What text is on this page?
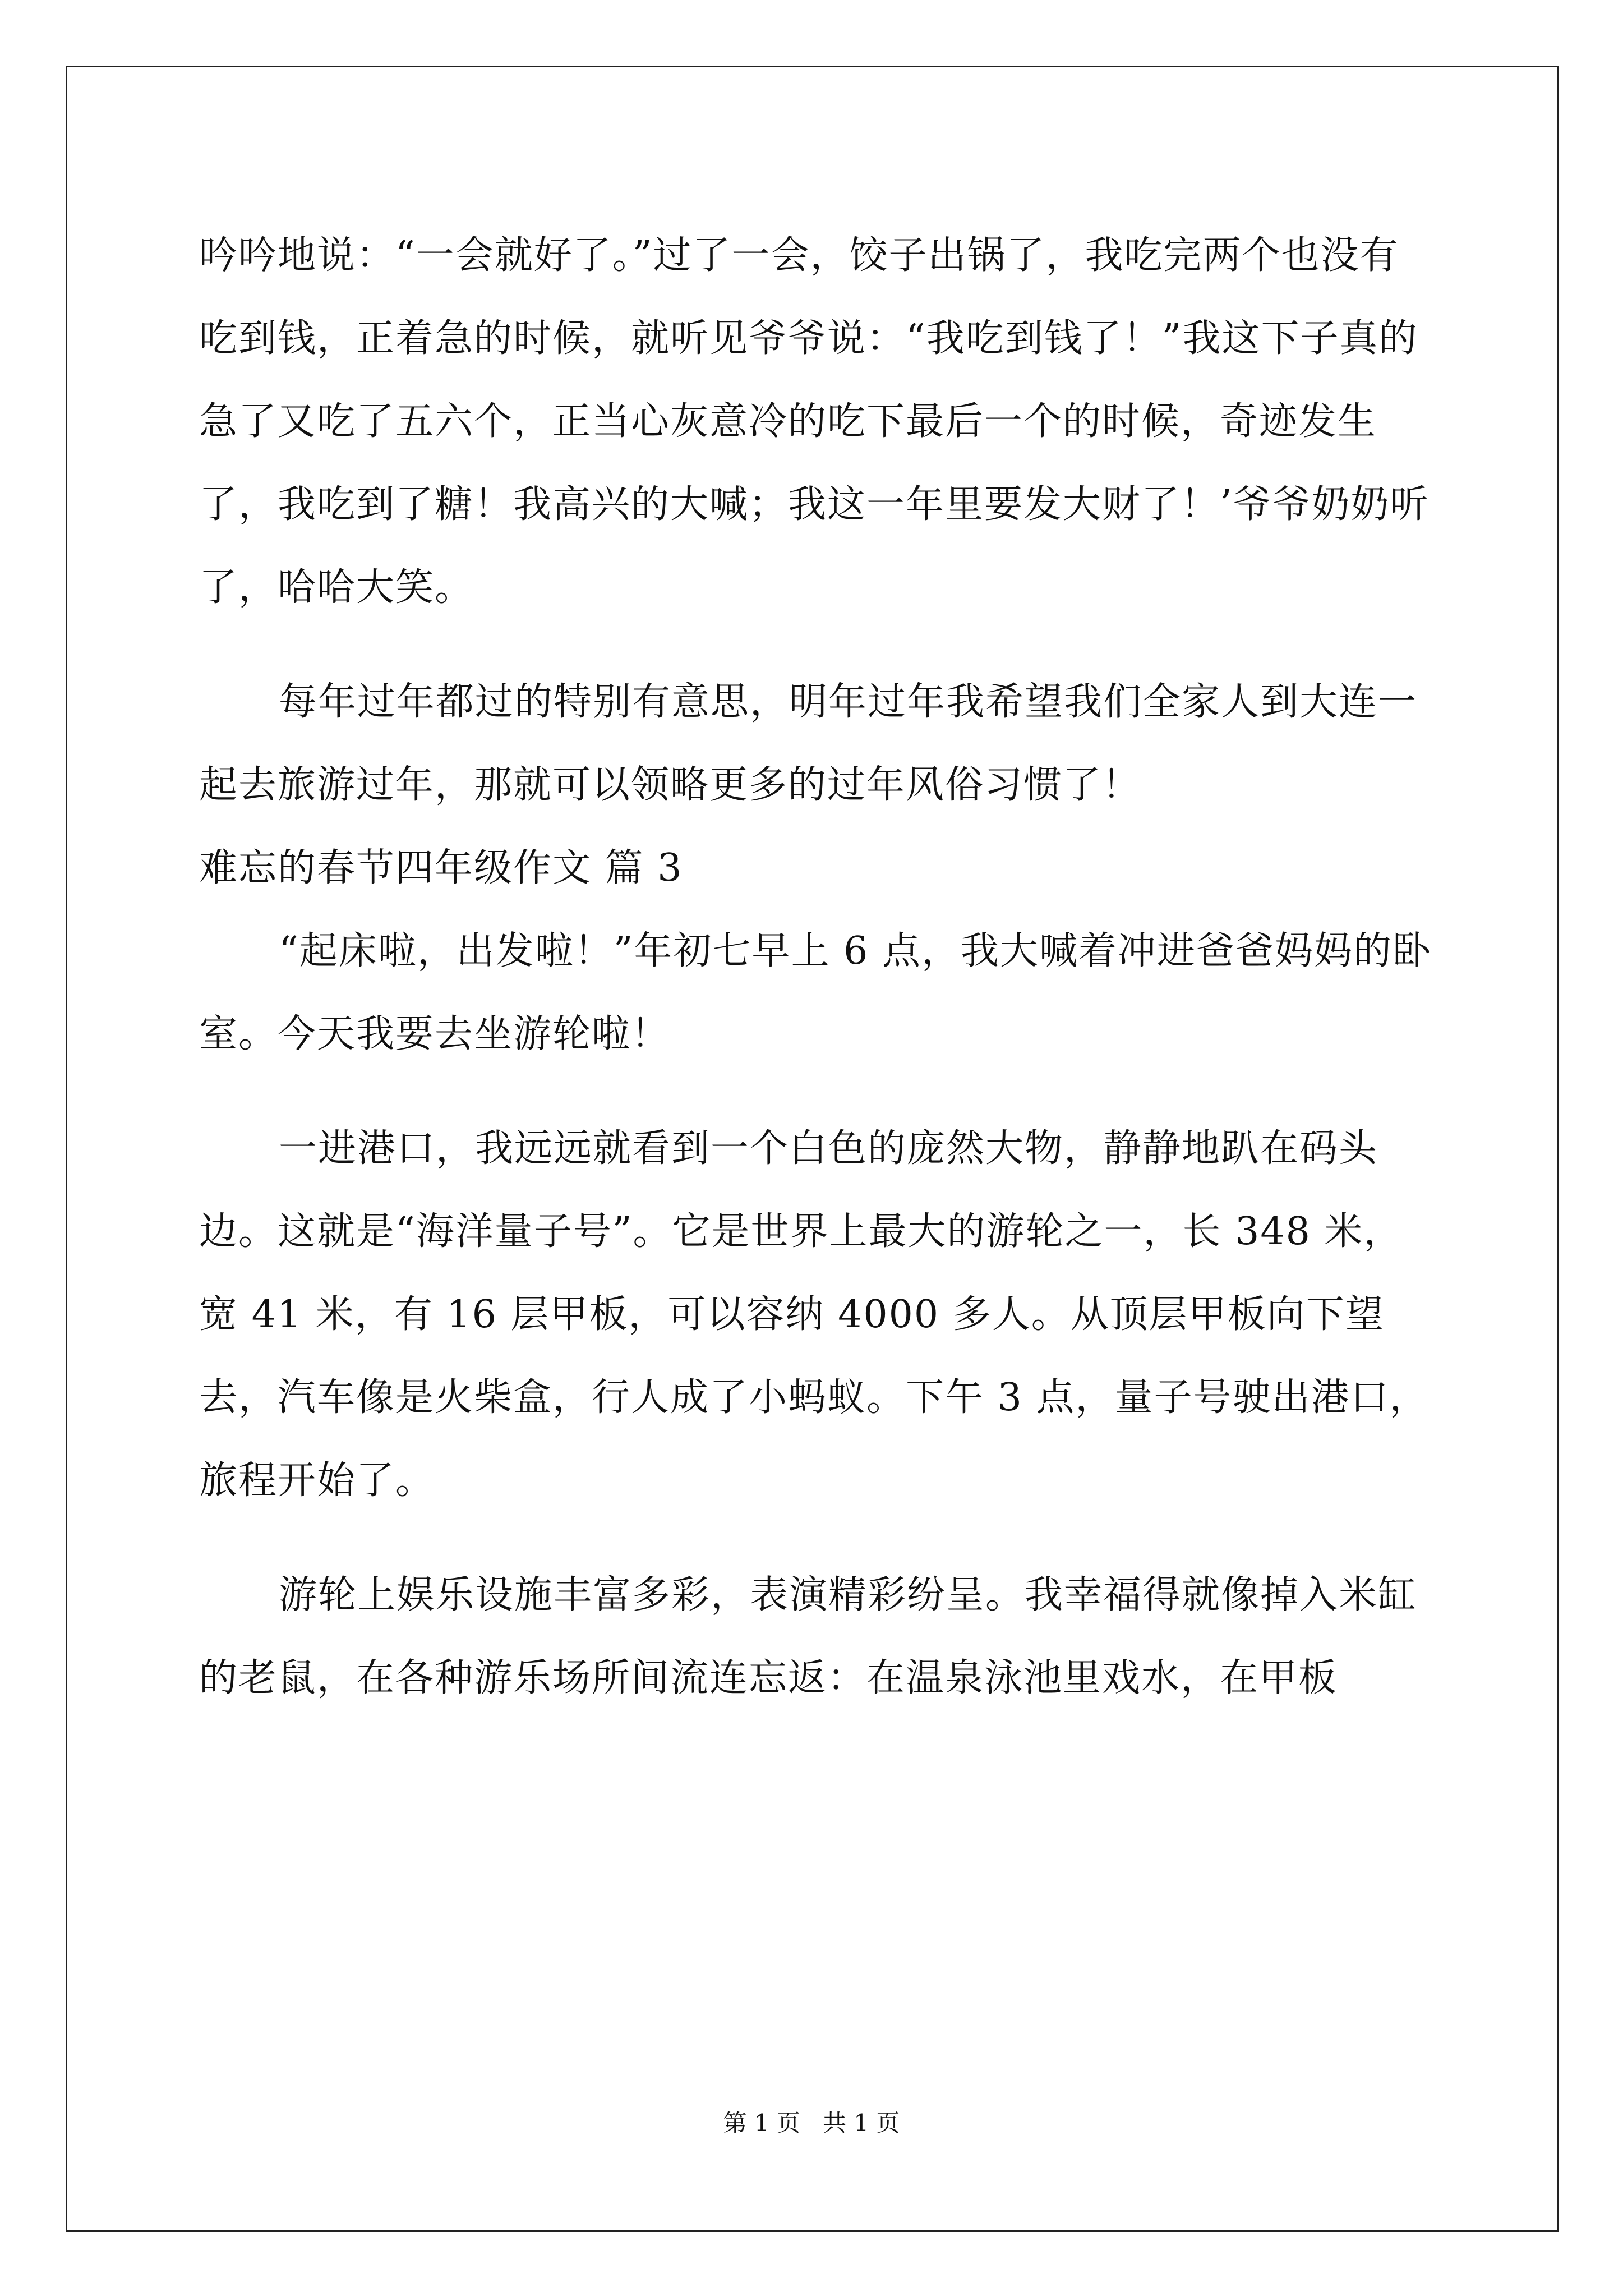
吟吟地说：“一会就好了。”过了一会，饺子出锅了，我吃完两个也没有吃到钱，正着急的时候，就听见爷爷说：“我吃到钱了！”我这下子真的急了又吃了五六个，正当心灰意冷的吃下最后一个的时候，奇迹发生了，我吃到了糖！我高兴的大喊；我这一年里要发大财了！’爷爷奶奶听了，哈哈大笑。

每年过年都过的特别有意思，明年过年我希望我们全家人到大连一起去旅游过年，那就可以领略更多的过年风俗习惯了！

难忘的春节四年级作文 篇 3

“起床啦，出发啦！”年初七早上 6 点，我大喊着冲进爸爸妈妈的卧室。今天我要去坐游轮啦！

一进港口，我远远就看到一个白色的庞然大物，静静地趴在码头边。这就是“海洋量子号”。它是世界上最大的游轮之一，长 348 米，宽 41 米，有 16 层甲板，可以容纳 4000 多人。从顶层甲板向下望去，汽车像是火柴盒，行人成了小蚂蚁。下午 3 点，量子号驶出港口，旅程开始了。

游轮上娱乐设施丰富多彩，表演精彩纷呈。我幸福得就像掉入米缸的老鼠，在各种游乐场所间流连忘返：在温泉泳池里戏水，在甲板

第 1 页 共 1 页
